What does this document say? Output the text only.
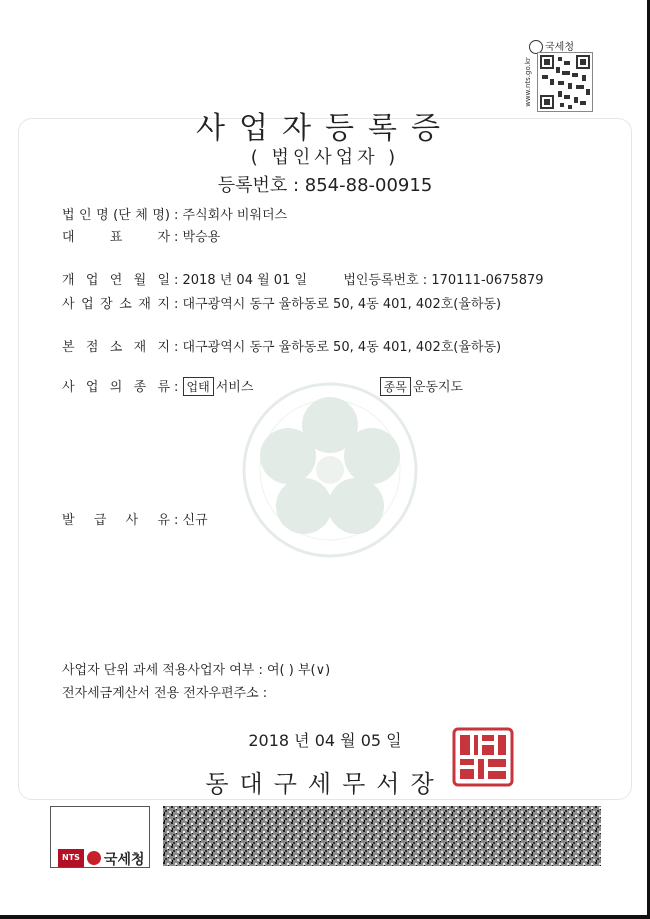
국세청
www.nts.go.kr
사업자등록증
( 법인사업자 )
등록번호 : 854-88-00915
법 인 명 (단 체 명) : 주식회사 비워더스
대	표	자 : 박승용
개 업 연 월 일 : 2018 년 04 월 01 일	법인등록번호 : 170111-0675879
사 업 장 소 재 지 : 대구광역시 동구 율하동로 50, 4동 401, 402호(율하동)
본 점 소 재 지 : 대구광역시 동구 율하동로 50, 4동 401, 402호(율하동)
사 업 의 종 류 : 업태 서비스	종목 운동지도
발 급 사 유 : 신규
사업자 단위 과세 적용사업자 여부 : 여( ) 부(∨)
전자세금계산서 전용 전자우편주소 :
2018 년 04 월 05 일
동대구세무서장
NTS 국세청
